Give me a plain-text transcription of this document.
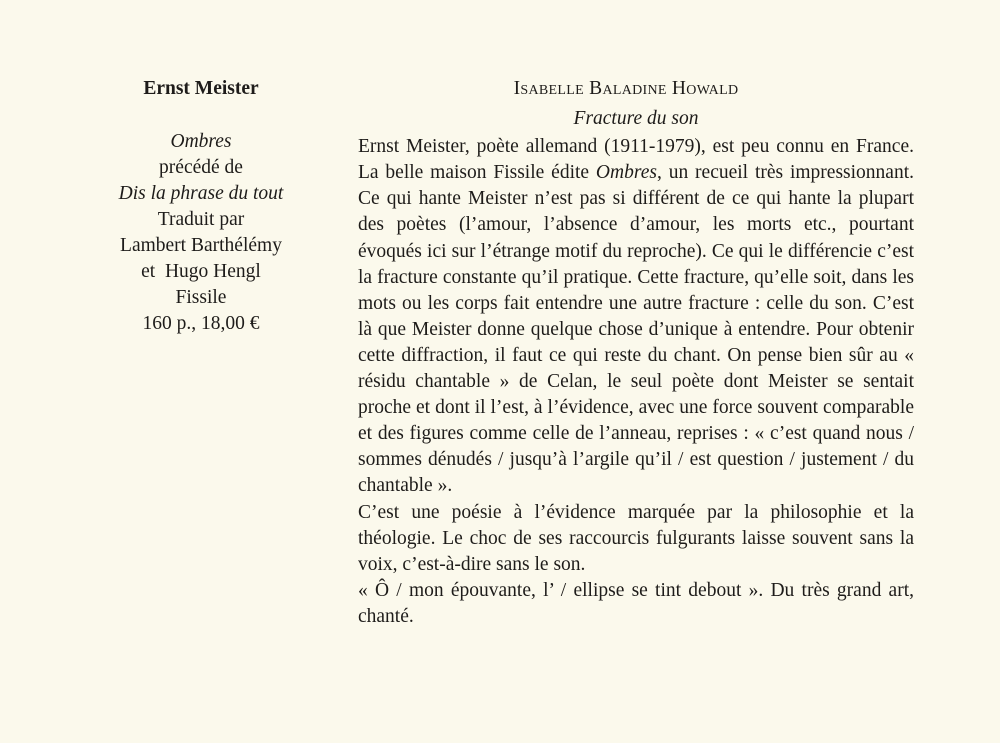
Ernst Meister
Ombres
précédé de
Dis la phrase du tout
Traduit par
Lambert Barthélémy
et  Hugo Hengl
Fissile
160 p., 18,00 €
Isabelle Baladine Howald
Fracture du son

Ernst Meister, poète allemand (1911-1979), est peu connu en France. La belle maison Fissile édite Ombres, un recueil très impressionnant. Ce qui hante Meister n’est pas si différent de ce qui hante la plupart des poètes (l’amour, l’absence d’amour, les morts etc., pourtant évoqués ici sur l’étrange motif du reproche). Ce qui le différencie c’est la fracture constante qu’il pratique. Cette fracture, qu’elle soit, dans les mots ou les corps fait entendre une autre fracture : celle du son. C’est là que Meister donne quelque chose d’unique à entendre. Pour obtenir cette diffraction, il faut ce qui reste du chant. On pense bien sûr au « résidu chantable » de Celan, le seul poète dont Meister se sentait proche et dont il l’est, à l’évidence, avec une force souvent comparable et des figures comme celle de l’anneau, reprises : « c’est quand nous / sommes dénudés / jusqu’à l’argile qu’il / est question / justement / du chantable ».

C’est une poésie à l’évidence marquée par la philosophie et la théologie. Le choc de ses raccourcis fulgurants laisse souvent sans la voix, c’est-à-dire sans le son.

« Ô / mon épouvante, l’ / ellipse se tint debout ». Du très grand art, chanté.
